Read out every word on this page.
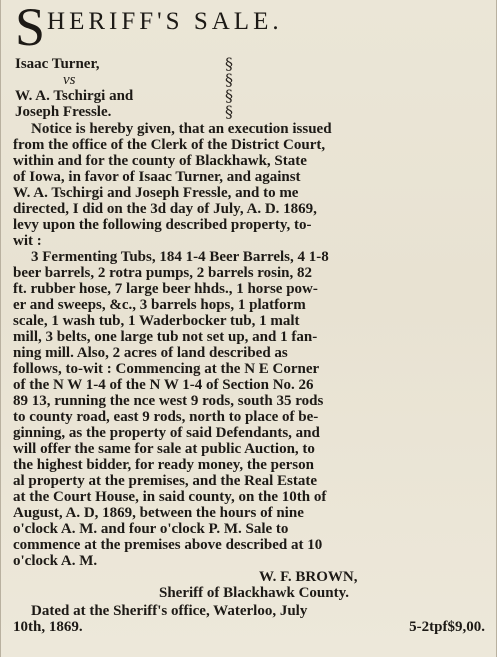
S HERIFF'S SALE.
Isaac Turner,
vs
W. A. Tschirgi and
Joseph Fressle.
§
§
§
§
Notice is hereby given, that an execution issued
from the office of the Clerk of the District Court,
within and for the county of Blackhawk, State
of Iowa, in favor of Isaac Turner, and against
W. A. Tschirgi and Joseph Fressle, and to me
directed, I did on the 3d day of July, A. D. 1869,
levy upon the following described property, to-
wit :
3 Fermenting Tubs, 184 1-4 Beer Barrels, 4 1-8
beer barrels, 2 rotra pumps, 2 barrels rosin, 82
ft. rubber hose, 7 large beer hhds., 1 horse pow-
er and sweeps, &c., 3 barrels hops, 1 platform
scale, 1 wash tub, 1 Waderbocker tub, 1 malt
mill, 3 belts, one large tub not set up, and 1 fan-
ning mill. Also, 2 acres of land described as
follows, to-wit : Commencing at the N E Corner
of the N W 1-4 of the N W 1-4 of Section No. 26
89 13, running the nce west 9 rods, south 35 rods
to county road, east 9 rods, north to place of be-
ginning, as the property of said Defendants, and
will offer the same for sale at public Auction, to
the highest bidder, for ready money, the person
al property at the premises, and the Real Estate
at the Court House, in said county, on the 10th of
August, A. D, 1869, between the hours of nine
o'clock A. M. and four o'clock P. M. Sale to
commence at the premises above described at 10
o'clock A. M.
W. F. BROWN,
Sheriff of Blackhawk County.
Dated at the Sheriff's office, Waterloo, July
10th, 1869.	5-2tpf$9,00.
